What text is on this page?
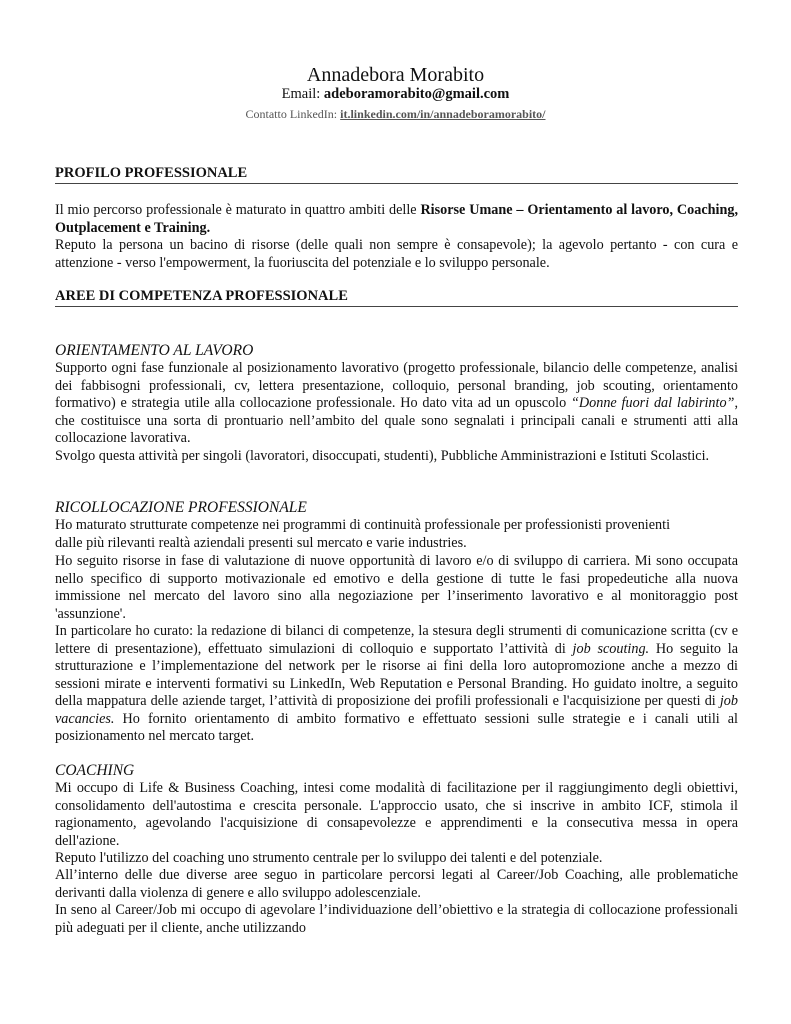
Annadebora Morabito
Email: adeboramorabito@gmail.com
Contatto LinkedIn: it.linkedin.com/in/annadeboramorabito/
PROFILO PROFESSIONALE

Il mio percorso professionale è maturato in quattro ambiti delle Risorse Umane – Orientamento al lavoro, Coaching, Outplacement e Training.

Reputo la persona un bacino di risorse (delle quali non sempre è consapevole); la agevolo pertanto - con cura e attenzione - verso l'empowerment, la fuoriuscita del potenziale e lo sviluppo personale.

AREE DI COMPETENZA PROFESSIONALE
ORIENTAMENTO AL LAVORO

Supporto ogni fase funzionale al posizionamento lavorativo (progetto professionale, bilancio delle competenze, analisi dei fabbisogni professionali, cv, lettera presentazione, colloquio, personal branding, job scouting, orientamento formativo) e strategia utile alla collocazione professionale. Ho dato vita ad un opuscolo “Donne fuori dal labirinto”, che costituisce una sorta di prontuario nell’ambito del quale sono segnalati i principali canali e strumenti atti alla collocazione lavorativa.

Svolgo questa attività per singoli (lavoratori, disoccupati, studenti), Pubbliche Amministrazioni e Istituti Scolastici.

RICOLLOCAZIONE PROFESSIONALE

Ho maturato strutturate competenze nei programmi di continuità professionale per professionisti provenienti
dalle più rilevanti realtà aziendali presenti sul mercato e varie industries.

Ho seguito risorse in fase di valutazione di nuove opportunità di lavoro e/o di sviluppo di carriera. Mi sono occupata nello specifico di supporto motivazionale ed emotivo e della gestione di tutte le fasi propedeutiche alla nuova immissione nel mercato del lavoro sino alla negoziazione per l’inserimento lavorativo e al monitoraggio post 'assunzione'.

In particolare ho curato: la redazione di bilanci di competenze, la stesura degli strumenti di comunicazione scritta (cv e lettere di presentazione), effettuato simulazioni di colloquio e supportato l’attività di job scouting. Ho seguito la strutturazione e l’implementazione del network per le risorse ai fini della loro autopromozione anche a mezzo di sessioni mirate e interventi formativi su LinkedIn, Web Reputation e Personal Branding. Ho guidato inoltre, a seguito della mappatura delle aziende target, l’attività di proposizione dei profili professionali e l'acquisizione per questi di job vacancies. Ho fornito orientamento di ambito formativo e effettuato sessioni sulle strategie e i canali utili al posizionamento nel mercato target.

COACHING

Mi occupo di Life & Business Coaching, intesi come modalità di facilitazione per il raggiungimento degli obiettivi, consolidamento dell'autostima e crescita personale. L'approccio usato, che si inscrive in ambito ICF, stimola il ragionamento, agevolando l'acquisizione di consapevolezze e apprendimenti e la consecutiva messa in opera dell'azione.

Reputo l'utilizzo del coaching uno strumento centrale per lo sviluppo dei talenti e del potenziale.

All’interno delle due diverse aree seguo in particolare percorsi legati al Career/Job Coaching, alle problematiche derivanti dalla violenza di genere e allo sviluppo adolescenziale.

In seno al Career/Job mi occupo di agevolare l’individuazione dell’obiettivo e la strategia di collocazione professionali più adeguati per il cliente, anche utilizzando
